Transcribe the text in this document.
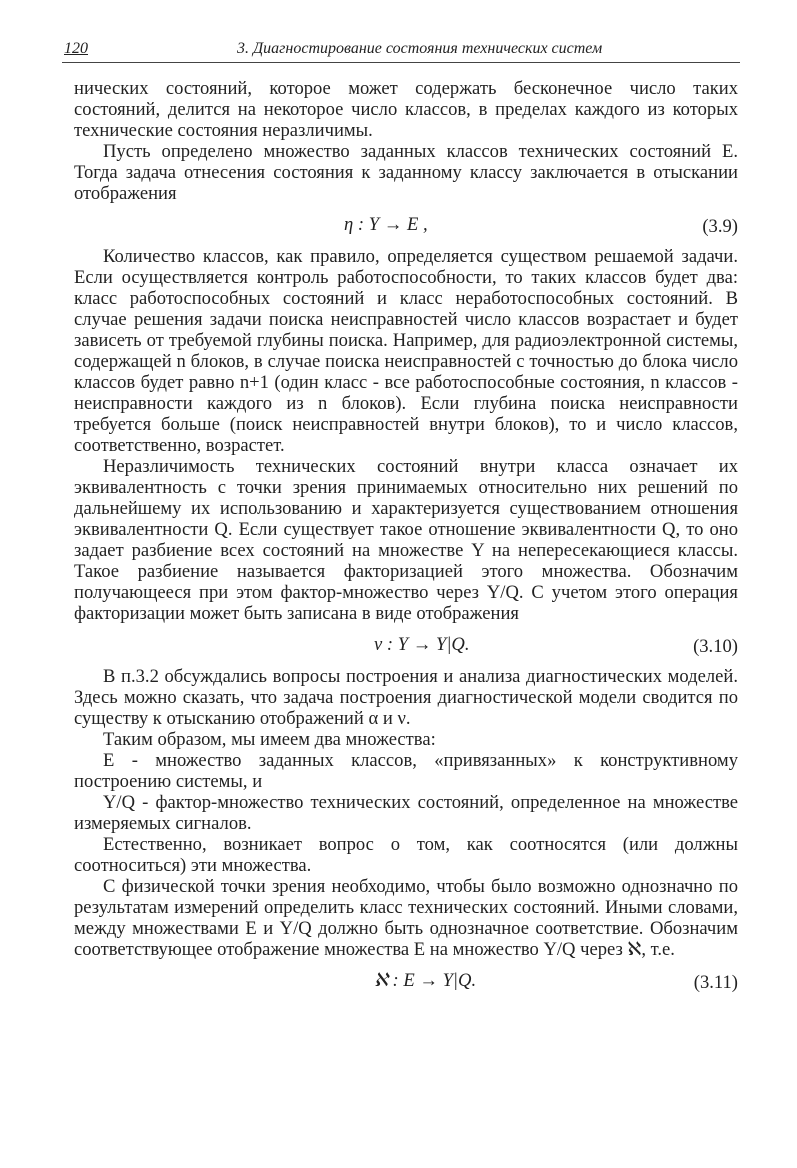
120	3. Диагностирование состояния технических систем

нических состояний, которое может содержать бесконечное число таких состояний, делится на некоторое число классов, в пределах каждого из которых технические состояния неразличимы.

Пусть определено множество заданных классов технических состояний E. Тогда задача отнесения состояния к заданному классу заключается в отыскании отображения

η : Y → E ,	(3.9)

Количество классов, как правило, определяется существом решаемой задачи. Если осуществляется контроль работоспособности, то таких классов будет два: класс работоспособных состояний и класс неработоспособных состояний. В случае решения задачи поиска неисправностей число классов возрастает и будет зависеть от требуемой глубины поиска. Например, для радиоэлектронной системы, содержащей n блоков, в случае поиска неисправностей с точностью до блока число классов будет равно n+1 (один класс - все работоспособные состояния, n классов - неисправности каждого из n блоков). Если глубина поиска неисправности требуется больше (поиск неисправностей внутри блоков), то и число классов, соответственно, возрастет.

Неразличимость технических состояний внутри класса означает их эквивалентность с точки зрения принимаемых относительно них решений по дальнейшему их использованию и характеризуется существованием отношения эквивалентности Q. Если существует такое отношение эквивалентности Q, то оно задает разбиение всех состояний на множестве Y на непересекающиеся классы. Такое разбиение называется факторизацией этого множества. Обозначим получающееся при этом фактор-множество через Y/Q. С учетом этого операция факторизации может быть записана в виде отображения

ν : Y → Y|Q.	(3.10)

В п.3.2 обсуждались вопросы построения и анализа диагностических моделей. Здесь можно сказать, что задача построения диагностической модели сводится по существу к отысканию отображений α и ν.

Таким образом, мы имеем два множества:

E - множество заданных классов, «привязанных» к конструктивному построению системы, и

Y/Q - фактор-множество технических состояний, определенное на множестве измеряемых сигналов.

Естественно, возникает вопрос о том, как соотносятся (или должны соотноситься) эти множества.

С физической точки зрения необходимо, чтобы было возможно однозначно по результатам измерений определить класс технических состояний. Иными словами, между множествами E и Y/Q должно быть однозначное соответствие. Обозначим соответствующее отображение множества E на множество Y/Q через ℵ, т.е.

ℵ : E → Y|Q.	(3.11)
